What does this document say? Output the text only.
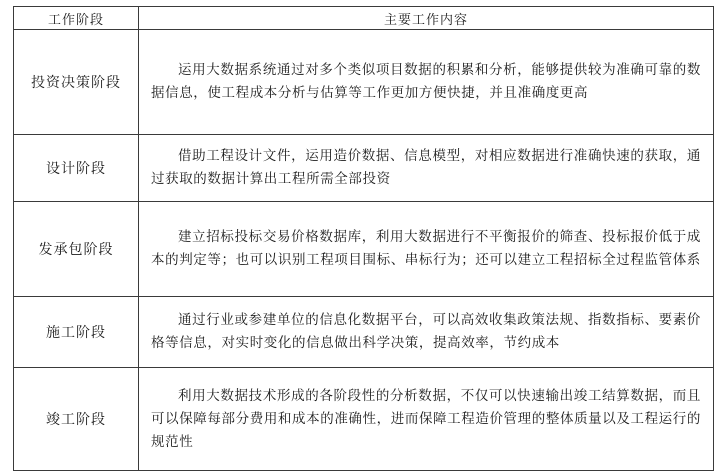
工作阶段	主要工作内容
投资决策阶段	运用大数据系统通过对多个类似项目数据的积累和分析，能够提供较为准确可靠的数据信息，使工程成本分析与估算等工作更加方便快捷，并且准确度更高
设计阶段	借助工程设计文件，运用造价数据、信息模型，对相应数据进行准确快速的获取，通过获取的数据计算出工程所需全部投资
发承包阶段	建立招标投标交易价格数据库，利用大数据进行不平衡报价的筛查、投标报价低于成本的判定等；也可以识别工程项目围标、串标行为；还可以建立工程招标全过程监管体系
施工阶段	通过行业或参建单位的信息化数据平台，可以高效收集政策法规、指数指标、要素价格等信息，对实时变化的信息做出科学决策，提高效率，节约成本
竣工阶段	利用大数据技术形成的各阶段性的分析数据，不仅可以快速输出竣工结算数据，而且可以保障每部分费用和成本的准确性，进而保障工程造价管理的整体质量以及工程运行的规范性
